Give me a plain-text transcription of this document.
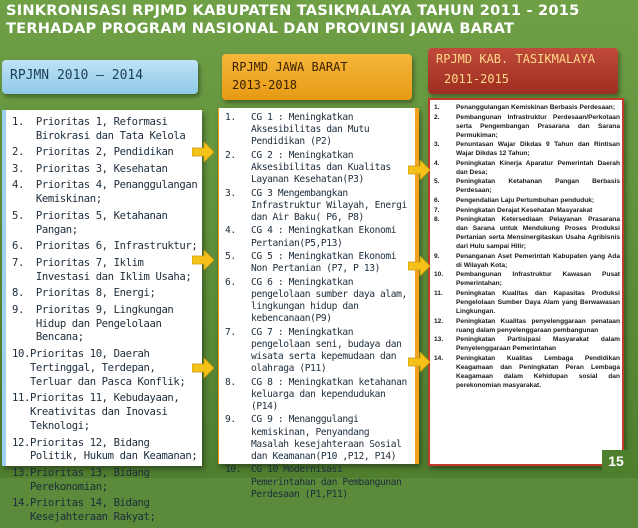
SINKRONISASI RPJMD KABUPATEN TASIKMALAYA TAHUN 2011 - 2015
TERHADAP PROGRAM NASIONAL DAN PROVINSI JAWA BARAT
RPJMN 2010 – 2014
RPJMD JAWA BARAT
2013-2018
RPJMD KAB. TASIKMALAYA
2011-2015
1. Prioritas 1, Reformasi Birokrasi dan Tata Kelola
2. Prioritas 2, Pendidikan
3. Prioritas 3, Kesehatan
4. Prioritas 4, Penanggulangan Kemiskinan;
5. Prioritas 5, Ketahanan Pangan;
6. Prioritas 6, Infrastruktur;
7. Prioritas 7, Iklim Investasi dan Iklim Usaha;
8. Prioritas 8, Energi;
9. Prioritas 9, Lingkungan Hidup dan Pengelolaan Bencana;
10. Prioritas 10, Daerah Tertinggal, Terdepan, Terluar dan Pasca Konflik;
11. Prioritas 11, Kebudayaan, Kreativitas dan Inovasi Teknologi;
12. Prioritas 12, Bidang Politik, Hukum dan Keamanan;
13. Prioritas 13, Bidang Perekonomian;
14. Prioritas 14, Bidang Kesejahteraan Rakyat;
1.	CG 1 : Meningkatkan Aksesibilitas dan Mutu Pendidikan (P2)
2.	CG 2 : Meningkatkan Aksesibilitas dan Kualitas Layanan Kesehatan(P3)
3.	CG 3 Mengembangkan Infrastruktur Wilayah, Energi dan Air Baku( P6, P8)
4.	CG 4 : Meningkatkan Ekonomi Pertanian(P5,P13)
5.	CG 5 : Meningkatkan Ekonomi Non Pertanian (P7, P 13)
6.	CG 6 : Meningkatkan pengelolaan sumber daya alam, lingkungan hidup dan kebencanaan(P9)
7.	CG 7 : Meningkatkan pengelolaan seni, budaya dan wisata serta kepemudaan dan olahraga (P11)
8.	CG 8 : Meningkatkan ketahanan keluarga dan kependudukan (P14)
9.	CG 9 : Menanggulangi kemiskinan, Penyandang Masalah kesejahteraan Sosial dan Keamanan(P10 ,P12, P14)
10.	CG 10 Modernisasi Pemerintahan dan Pembangunan Perdesaan (P1,P11)
1.	Penanggulangan Kemiskinan Berbasis Perdesaan;
2.	Pembangunan Infrastruktur Perdesaan/Perkotaan serta Pengembangan Prasarana dan Sarana Permukiman;
3.	Penuntasan Wajar Dikdas 9 Tahun dan Rintisan Wajar Dikdas 12 Tahun;
4.	Peningkatan Kinerja Aparatur Pemerintah Daerah dan Desa;
5.	Peningkatan Ketahanan Pangan Berbasis Perdesaan;
6.	Pengendalian Laju Pertumbuhan penduduk;
7.	Peningkatan Derajat Kesehatan Masyarakat
8.	Peningkatan Ketersediaan Pelayanan Prasarana dan Sarana untuk Mendukung Proses Produksi Pertanian serta Mensinergitaskan Usaha Agribisnis dari Hulu sampai Hilir;
9.	Penanganan Aset Pemerintah Kabupaten yang Ada di Wilayah Kota;
10.	Pembangunan Infrastruktur Kawasan Pusat Pemerintahan;
11.	Peningkatan Kualitas dan Kapasitas Produksi Pengelolaan Sumber Daya Alam yang Berwawasan Lingkungan.
12.	Peningkatan Kualitas penyelenggaraan penataan ruang dalam penyelenggaraan pembangunan
13.	Peningkatan Partisipasi Masyarakat dalam Penyelenggaraan Pemerintahan
14.	Peningkatan Kualitas Lembaga Pendidikan Keagamaan dan Peningkatan Peran Lembaga Keagamaan dalam Kehidupan sosial dan perekonomian masyarakat.
15
